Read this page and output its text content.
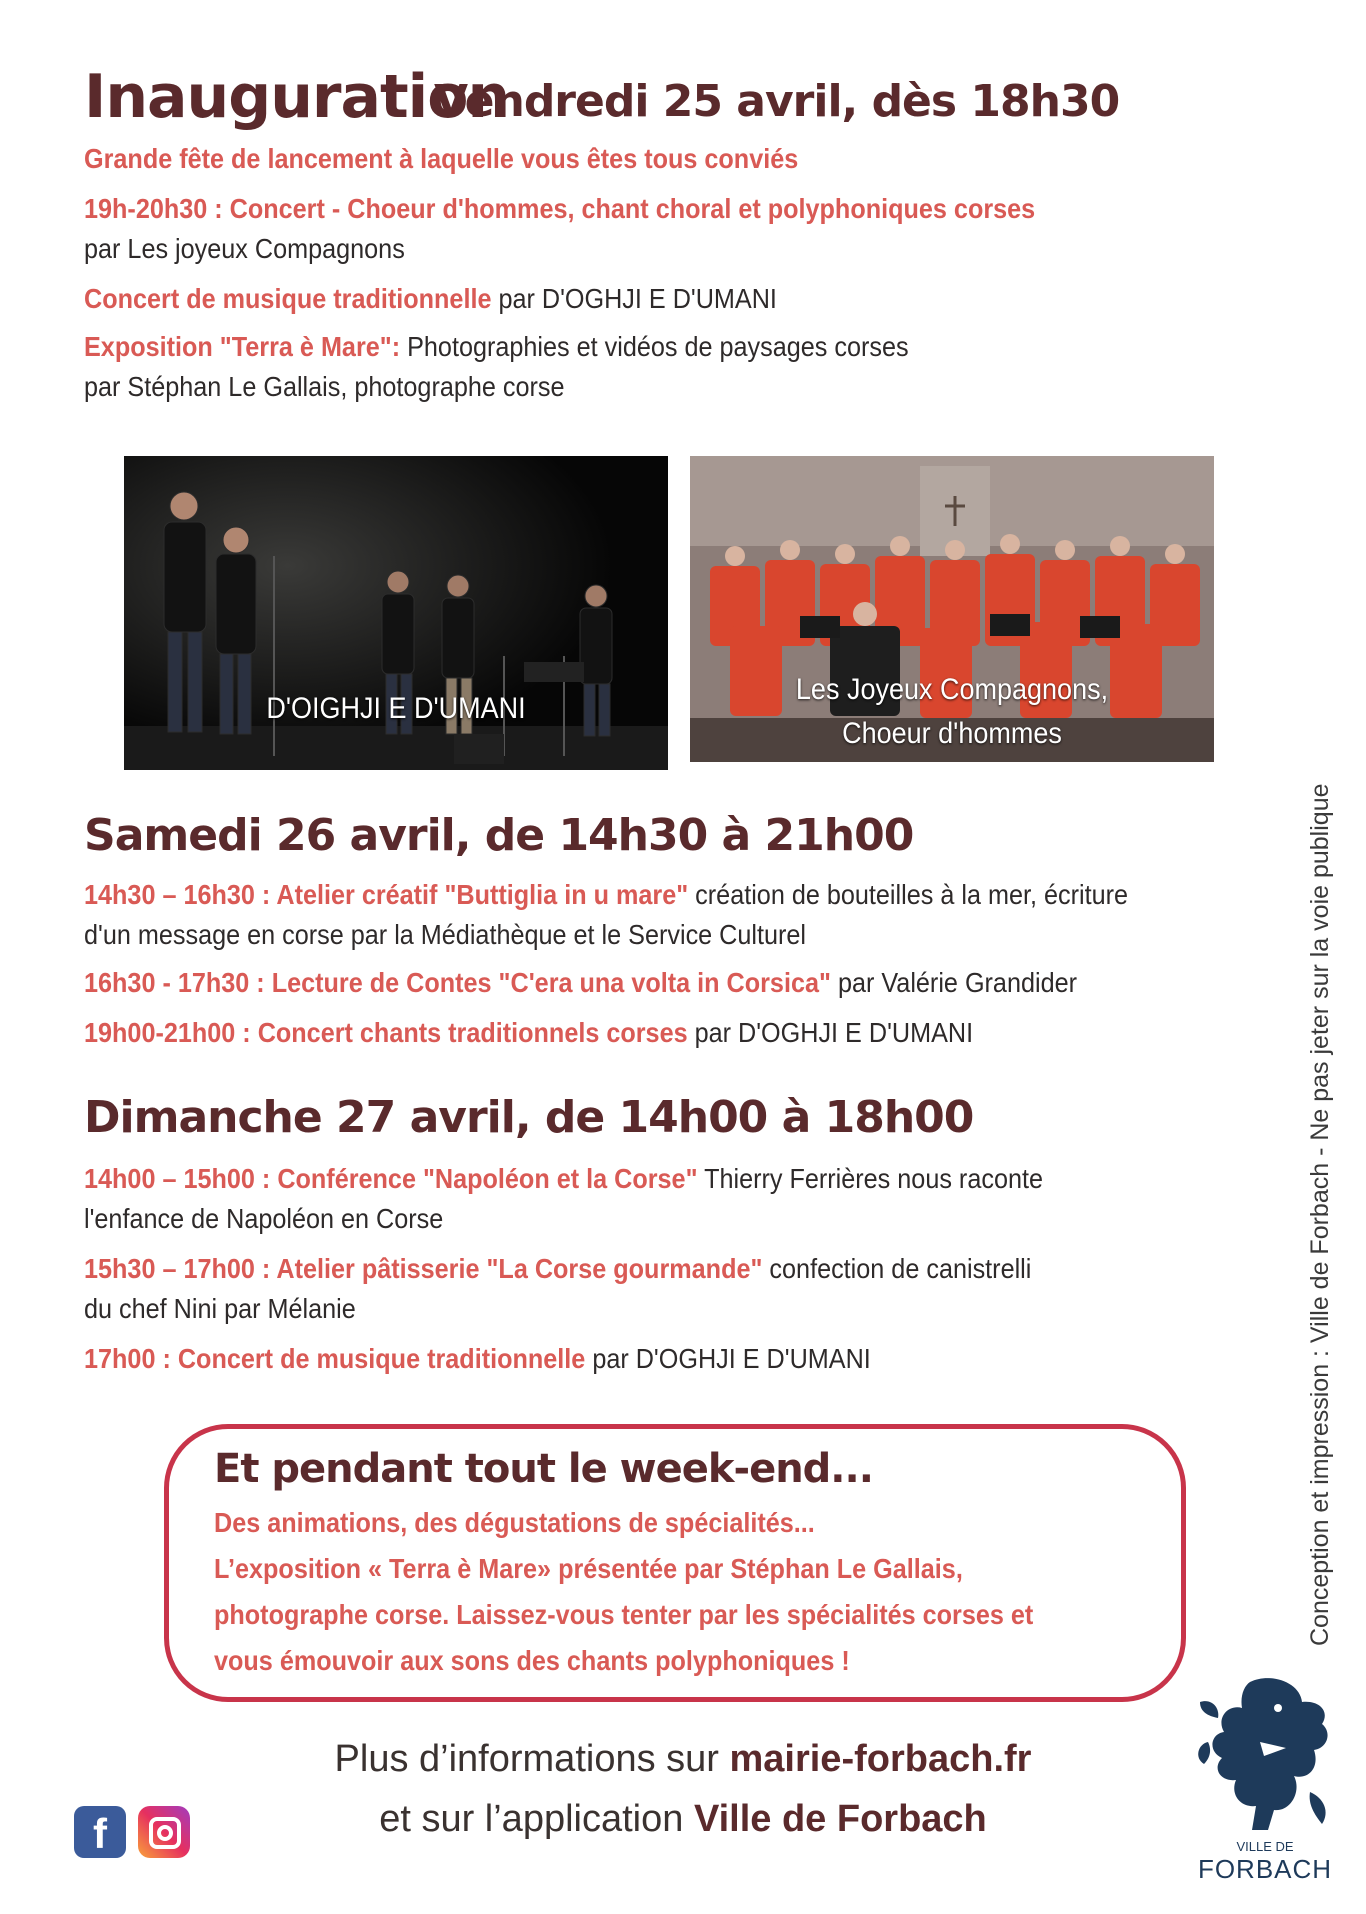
Inauguration
Vendredi 25 avril, dès 18h30
Grande fête de lancement à laquelle vous êtes tous conviés
19h-20h30 : Concert - Choeur d'hommes, chant choral et polyphoniques corses
par Les joyeux Compagnons
Concert de musique traditionnelle par D'OGHJI E D'UMANI
Exposition "Terra è Mare": Photographies et vidéos de paysages corses
par Stéphan Le Gallais, photographe corse
D'OIGHJI E D'UMANI
Les Joyeux Compagnons,
Choeur d'hommes
Samedi 26 avril, de 14h30 à 21h00
14h30 – 16h30 : Atelier créatif "Buttiglia in u mare" création de bouteilles à la mer, écriture
d'un message en corse par la Médiathèque et le Service Culturel
16h30 - 17h30 : Lecture de Contes "C'era una volta in Corsica" par Valérie Grandider
19h00-21h00 : Concert chants traditionnels corses par D'OGHJI E D'UMANI
Dimanche 27 avril, de 14h00 à 18h00
14h00 – 15h00 : Conférence "Napoléon et la Corse" Thierry Ferrières nous raconte
l'enfance de Napoléon en Corse
15h30 – 17h00 : Atelier pâtisserie "La Corse gourmande" confection de canistrelli
du chef Nini par Mélanie
17h00 : Concert de musique traditionnelle par D'OGHJI E D'UMANI
Et pendant tout le week-end...
Des animations, des dégustations de spécialités...
L’exposition « Terra è Mare» présentée par Stéphan Le Gallais,
photographe corse. Laissez-vous tenter par les spécialités corses et
vous émouvoir aux sons des chants polyphoniques !
Plus d’informations sur mairie-forbach.fr
et sur l’application Ville de Forbach
f
Conception et impression : Ville de Forbach - Ne pas jeter sur la voie publique
VILLE DE
FORBACH
